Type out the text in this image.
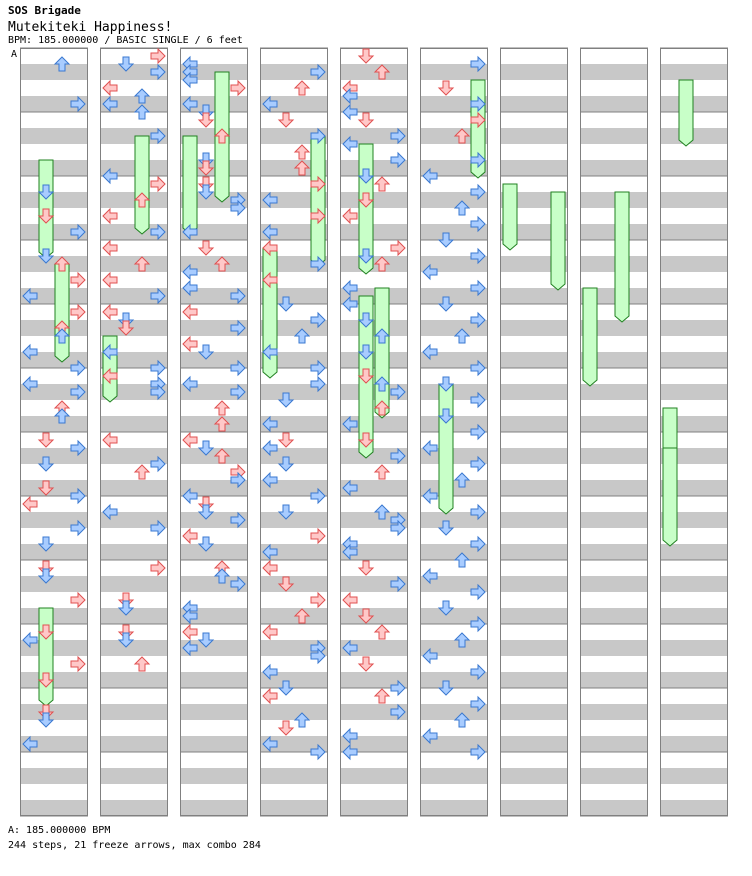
SOS Brigade
Mutekiteki Happiness!
BPM: 185.000000 / BASIC SINGLE / 6 feet
A
A: 185.000000 BPM
244 steps, 21 freeze arrows, max combo 284
